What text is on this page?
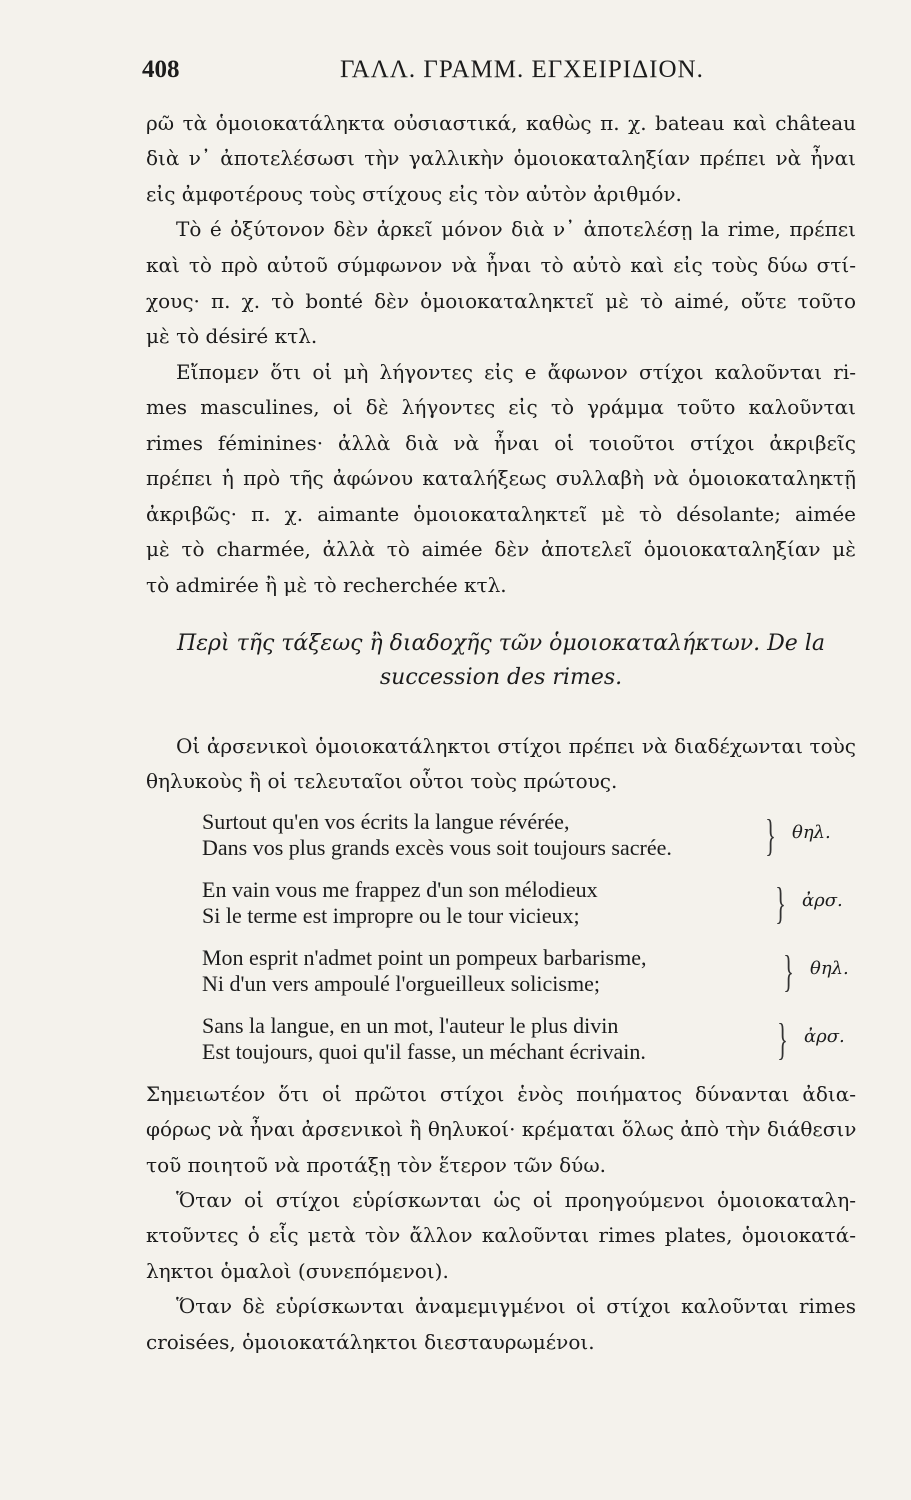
408	ΓΑΛΛ. ΓΡΑΜΜ. ΕΓΧΕΙΡΙΔΙΟΝ.
ρῶ τὰ ὁμοιοκατάληκτα οὐσιαστικά, καθὼς π. χ. bateau καὶ château
διὰ ν᾽ ἀποτελέσωσι τὴν γαλλικὴν ὁμοιοκαταληξίαν πρέπει νὰ ἦναι
εἰς ἀμφοτέρους τοὺς στίχους εἰς τὸν αὐτὸν ἀριθμόν.
Τὸ é ὀξύτονον δὲν ἀρκεῖ μόνον διὰ ν᾽ ἀποτελέσῃ la rime, πρέπει
καὶ τὸ πρὸ αὐτοῦ σύμφωνον νὰ ἦναι τὸ αὐτὸ καὶ εἰς τοὺς δύω στί-
χους· π. χ. τὸ bonté δὲν ὁμοιοκαταληκτεῖ μὲ τὸ aimé, οὔτε τοῦτο
μὲ τὸ désiré κτλ.
Εἴπομεν ὅτι οἱ μὴ λήγοντες εἰς e ἄφωνον στίχοι καλοῦνται ri-
mes masculines, οἱ δὲ λήγοντες εἰς τὸ γράμμα τοῦτο καλοῦνται
rimes féminines· ἀλλὰ διὰ νὰ ἦναι οἱ τοιοῦτοι στίχοι ἀκριβεῖς
πρέπει ἡ πρὸ τῆς ἀφώνου καταλήξεως συλλαβὴ νὰ ὁμοιοκαταληκτῇ
ἀκριβῶς· π. χ. aimante ὁμοιοκαταληκτεῖ μὲ τὸ désolante; aimée
μὲ τὸ charmée, ἀλλὰ τὸ aimée δὲν ἀποτελεῖ ὁμοιοκαταληξίαν μὲ
τὸ admirée ἢ μὲ τὸ recherchée κτλ.
Περὶ τῆς τάξεως ἢ διαδοχῆς τῶν ὁμοιοκαταλήκτων. De la
succession des rimes.
Οἱ ἀρσενικοὶ ὁμοιοκατάληκτοι στίχοι πρέπει νὰ διαδέχωνται τοὺς
θηλυκοὺς ἢ οἱ τελευταῖοι οὗτοι τοὺς πρώτους.
Surtout qu'en vos écrits la langue révérée,
Dans vos plus grands excès vous soit toujours sacrée. } θηλ.
En vain vous me frappez d'un son mélodieux
Si le terme est impropre ou le tour vicieux;	} ἀρσ.
Mon esprit n'admet point un pompeux barbarisme,
Ni d'un vers ampoulé l'orgueilleux solicisme;	} θηλ.
Sans la langue, en un mot, l'auteur le plus divin
Est toujours, quoi qu'il fasse, un méchant écrivain.	} ἀρσ.
Σημειωτέον ὅτι οἱ πρῶτοι στίχοι ἑνὸς ποιήματος δύνανται ἀδια-
φόρως νὰ ἦναι ἀρσενικοὶ ἢ θηλυκοί· κρέμαται ὅλως ἀπὸ τὴν διάθεσιν
τοῦ ποιητοῦ νὰ προτάξῃ τὸν ἕτερον τῶν δύω.
Ὅταν οἱ στίχοι εὑρίσκωνται ὡς οἱ προηγούμενοι ὁμοιοκαταλη-
κτοῦντες ὁ εἷς μετὰ τὸν ἄλλον καλοῦνται rimes plates, ὁμοιοκατά-
ληκτοι ὁμαλοὶ (συνεπόμενοι).
Ὅταν δὲ εὑρίσκωνται ἀναμεμιγμένοι οἱ στίχοι καλοῦνται rimes
croisées, ὁμοιοκατάληκτοι διεσταυρωμένοι.
